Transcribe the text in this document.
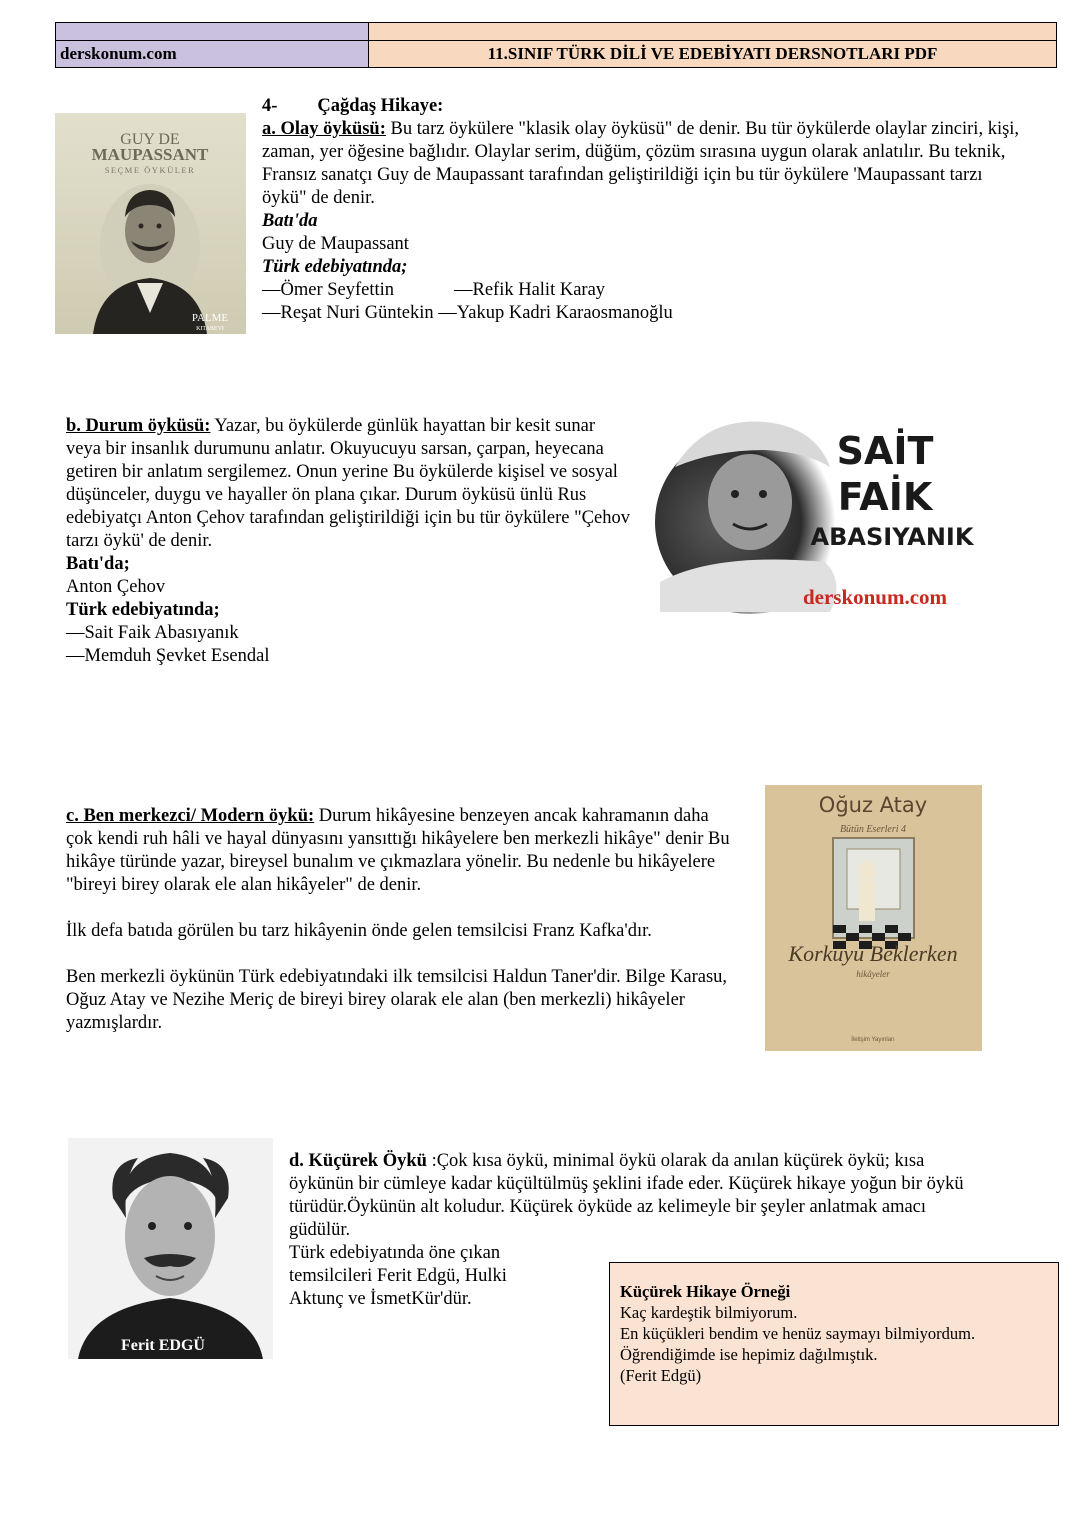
derskonum.com	11.SINIF TÜRK DİLİ VE EDEBİYATI DERSNOTLARI PDF
GUY DE
MAUPASSANT
SEÇME ÖYKÜLER
PALME
KITABEVI

4- Çağdaş Hikaye:

a. Olay öyküsü: Bu tarz öykülere "klasik olay öyküsü" de denir. Bu tür öykülerde olaylar zinciri, kişi, zaman, yer öğesine bağlıdır. Olaylar serim, düğüm, çözüm sırasına uygun olarak anlatılır. Bu teknik, Fransız sanatçı Guy de Maupassant tarafından geliştirildiği için bu tür öykülere 'Maupassant tarzı öykü" de denir.

Batı'da

Guy de Maupassant

Türk edebiyatında;

—Ömer Seyfettin	—Refik Halit Karay

—Reşat Nuri Güntekin —Yakup Kadri Karaosmanoğlu

b. Durum öyküsü: Yazar, bu öykülerde günlük hayattan bir kesit sunar veya bir insanlık durumunu anlatır. Okuyucuyu sarsan, çarpan, heyecana getiren bir anlatım sergilemez. Onun yerine Bu öykülerde kişisel ve sosyal düşünceler, duygu ve hayaller ön plana çıkar. Durum öyküsü ünlü Rus edebiyatçı Anton Çehov tarafından geliştirildiği için bu tür öykülere "Çehov tarzı öykü' de denir.

Batı'da;

Anton Çehov

Türk edebiyatında;

—Sait Faik Abasıyanık

—Memduh Şevket Esendal

SAİT
FAİK
ABASIYANIK
derskonum.com

c. Ben merkezci/ Modern öykü: Durum hikâyesine benzeyen ancak kahramanın daha çok kendi ruh hâli ve hayal dünyasını yansıttığı hikâyelere ben merkezli hikâye" denir Bu hikâye türünde yazar, bireysel bunalım ve çıkmazlara yönelir. Bu nedenle bu hikâyelere "bireyi birey olarak ele alan hikâyeler" de denir.

İlk defa batıda görülen bu tarz hikâyenin önde gelen temsilcisi Franz Kafka'dır.

Ben merkezli öykünün Türk edebiyatındaki ilk temsilcisi Haldun Taner'dir. Bilge Karasu, Oğuz Atay ve Nezihe Meriç de bireyi birey olarak ele alan (ben merkezli) hikâyeler yazmışlardır.

Oğuz Atay
Bütün Eserleri 4
Korkuyu Beklerken
hikâyeler
İletişim Yayınları
Ferit EDGÜ

d. Küçürek Öykü :Çok kısa öykü, minimal öykü olarak da anılan küçürek öykü; kısa öykünün bir cümleye kadar küçültülmüş şeklini ifade eder. Küçürek hikaye yoğun bir öykü türüdür.Öykünün alt koludur. Küçürek öyküde az kelimeyle bir şeyler anlatmak amacı güdülür.

Türk edebiyatında öne çıkan

temsilcileri Ferit Edgü, Hulki

Aktunç ve İsmetKür'dür.	Küçürek Hikaye Örneği
Kaç kardeştik bilmiyorum.
En küçükleri bendim ve henüz saymayı bilmiyordum.
Öğrendiğimde ise hepimiz dağılmıştık.
(Ferit Edgü)
